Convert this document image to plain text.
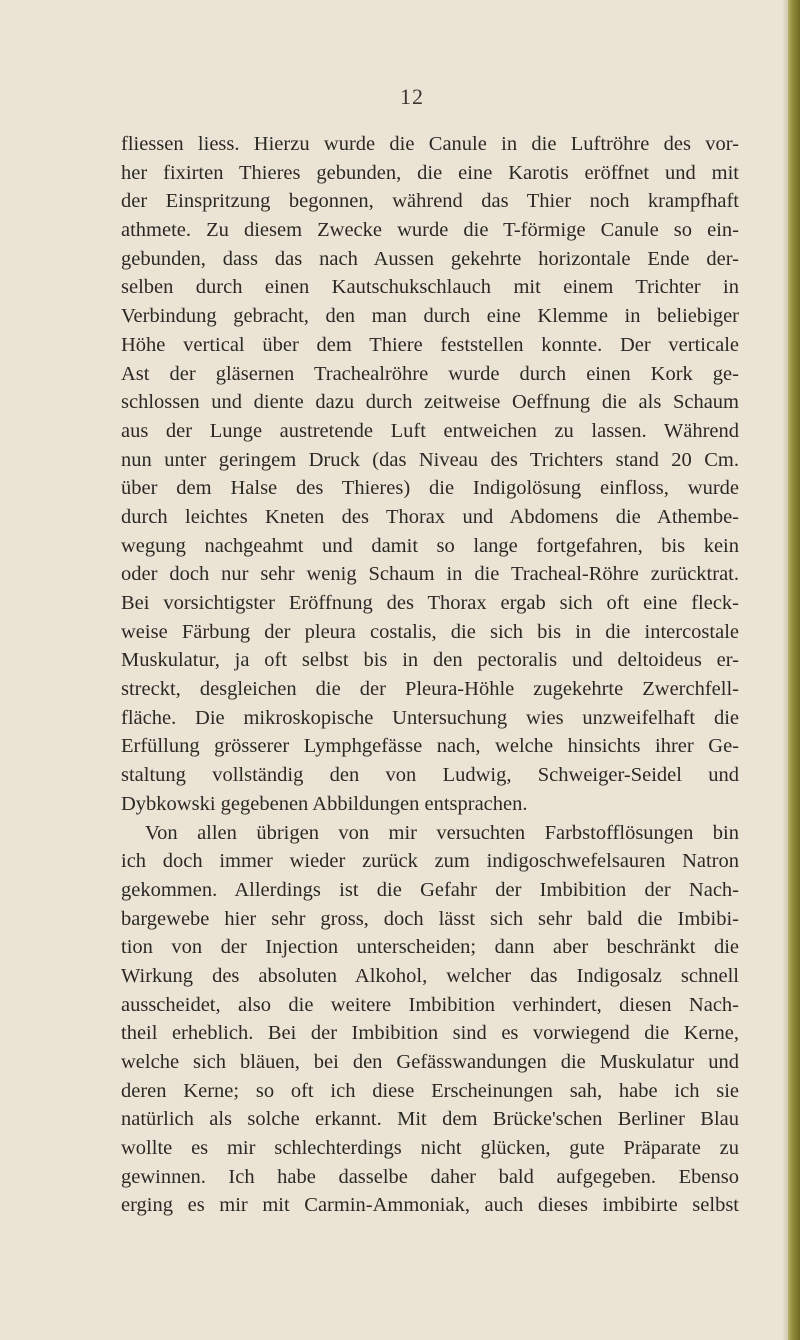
12
fliessen liess. Hierzu wurde die Canule in die Luftröhre des vor-
her fixirten Thieres gebunden, die eine Karotis eröffnet und mit
der Einspritzung begonnen, während das Thier noch krampfhaft
athmete. Zu diesem Zwecke wurde die T-förmige Canule so ein-
gebunden, dass das nach Aussen gekehrte horizontale Ende der-
selben durch einen Kautschukschlauch mit einem Trichter in
Verbindung gebracht, den man durch eine Klemme in beliebiger
Höhe vertical über dem Thiere feststellen konnte. Der verticale
Ast der gläsernen Trachealröhre wurde durch einen Kork ge-
schlossen und diente dazu durch zeitweise Oeffnung die als Schaum
aus der Lunge austretende Luft entweichen zu lassen. Während
nun unter geringem Druck (das Niveau des Trichters stand 20 Cm.
über dem Halse des Thieres) die Indigolösung einfloss, wurde
durch leichtes Kneten des Thorax und Abdomens die Athembe-
wegung nachgeahmt und damit so lange fortgefahren, bis kein
oder doch nur sehr wenig Schaum in die Tracheal-Röhre zurücktrat.
Bei vorsichtigster Eröffnung des Thorax ergab sich oft eine fleck-
weise Färbung der pleura costalis, die sich bis in die intercostale
Muskulatur, ja oft selbst bis in den pectoralis und deltoideus er-
streckt, desgleichen die der Pleura-Höhle zugekehrte Zwerchfell-
fläche. Die mikroskopische Untersuchung wies unzweifelhaft die
Erfüllung grösserer Lymphgefässe nach, welche hinsichts ihrer Ge-
staltung vollständig den von Ludwig, Schweiger-Seidel und
Dybkowski gegebenen Abbildungen entsprachen.
Von allen übrigen von mir versuchten Farbstofflösungen bin
ich doch immer wieder zurück zum indigoschwefelsauren Natron
gekommen. Allerdings ist die Gefahr der Imbibition der Nach-
bargewebe hier sehr gross, doch lässt sich sehr bald die Imbibi-
tion von der Injection unterscheiden; dann aber beschränkt die
Wirkung des absoluten Alkohol, welcher das Indigosalz schnell
ausscheidet, also die weitere Imbibition verhindert, diesen Nach-
theil erheblich. Bei der Imbibition sind es vorwiegend die Kerne,
welche sich bläuen, bei den Gefässwandungen die Muskulatur und
deren Kerne; so oft ich diese Erscheinungen sah, habe ich sie
natürlich als solche erkannt. Mit dem Brücke'schen Berliner Blau
wollte es mir schlechterdings nicht glücken, gute Präparate zu
gewinnen. Ich habe dasselbe daher bald aufgegeben. Ebenso
erging es mir mit Carmin-Ammoniak, auch dieses imbibirte selbst
